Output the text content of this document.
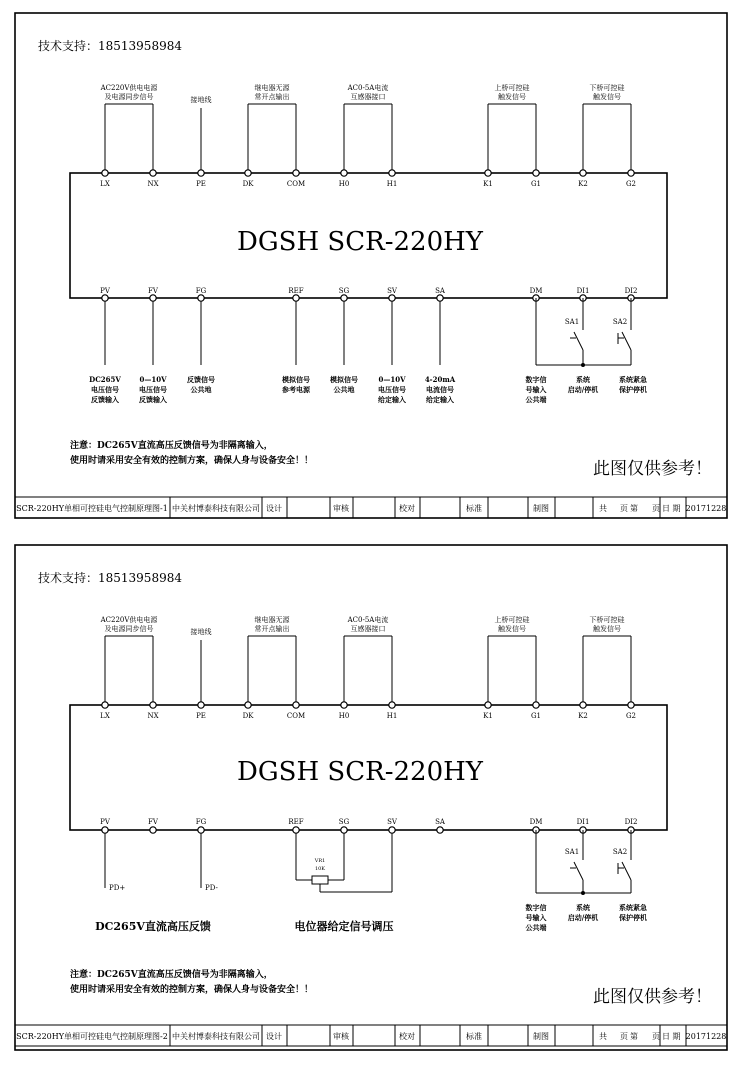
技术支持：18513958984
AC220V供电电源
及电源同步信号	接地线
继电器无源
常开点输出
AC0-5A电流
互感器接口
上桥可控硅
触发信号
下桥可控硅
触发信号
DGSH SCR-220HY
LX	NX	PE	DK	COM	H0	H1	K1	G1	K2	G2
PV	FV	FG	REF	SG	SV	SA	DM	DI1	DI2
SA1	SA2
DC265V
电压信号
反馈输入
0—10V
电压信号
反馈输入
反馈信号
公共地
模拟信号
参考电源
模拟信号
公共地
0—10V
电压信号
给定输入
4-20mA
电流信号
给定输入
数字信
号输入
公共端
系统
启动/停机
系统紧急
保护停机
注意：DC265V直流高压反馈信号为非隔离输入，
使用时请采用安全有效的控制方案，确保人身与设备安全！！	此图仅供参考！
SCR-220HY单相可控硅电气控制原理图-1 中关村博泰科技有限公司 设计	审核	校对	标准	制图	共 页 第 页 日 期 20171228
技术支持：18513958984
AC220V供电电源
及电源同步信号	接地线
继电器无源
常开点输出
AC0-5A电流
互感器接口
上桥可控硅
触发信号
下桥可控硅
触发信号
DGSH SCR-220HY
LX	NX	PE	DK	COM	H0	H1	K1	G1	K2	G2
PV	FV	FG	REF	SG	SV	SA	DM	DI1	DI2
PD+	PD-
VR1
10K
SA1	SA2
DC265V直流高压反馈	电位器给定信号调压
数字信
号输入
公共端
系统
启动/停机
系统紧急
保护停机
注意：DC265V直流高压反馈信号为非隔离输入，
使用时请采用安全有效的控制方案，确保人身与设备安全！！	此图仅供参考！
SCR-220HY单相可控硅电气控制原理图-2 中关村博泰科技有限公司 设计	审核	校对	标准	制图	共 页 第 页 日 期 20171228
